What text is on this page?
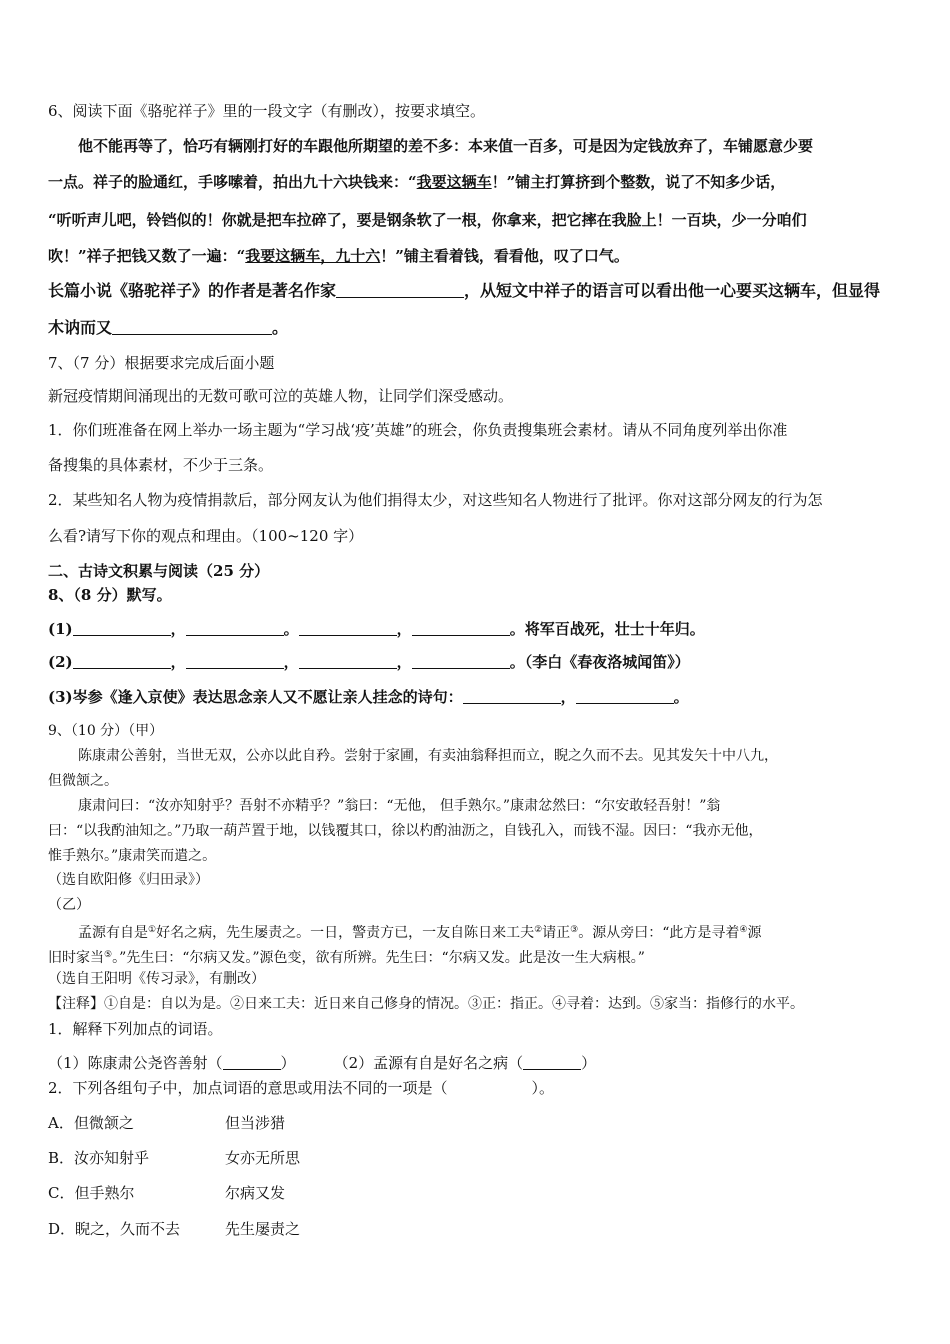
6、阅读下面《骆驼祥子》里的一段文字（有删改），按要求填空。
他不能再等了，恰巧有辆刚打好的车跟他所期望的差不多：本来值一百多，可是因为定钱放弃了，车铺愿意少要
一点。祥子的脸通红，手哆嗦着，拍出九十六块钱来：“我要这辆车！”铺主打算挤到个整数，说了不知多少话，
“听听声儿吧，铃铛似的！你就是把车拉碎了，要是钢条软了一根，你拿来，把它摔在我脸上！一百块，少一分咱们
吹！”祥子把钱又数了一遍：“我要这辆车，九十六！”铺主看着钱，看看他，叹了口气。
长篇小说《骆驼祥子》的作者是著名作家	，从短文中祥子的语言可以看出他一心要买这辆车，但显得
木讷而又	。
7、（7 分）根据要求完成后面小题
新冠疫情期间涌现出的无数可歌可泣的英雄人物，让同学们深受感动。
1．你们班准备在网上举办一场主题为“学习战‘疫’英雄”的班会，你负责搜集班会素材。请从不同角度列举出你准
备搜集的具体素材，不少于三条。
2．某些知名人物为疫情捐款后，部分网友认为他们捐得太少，对这些知名人物进行了批评。你对这部分网友的行为怎
么看?请写下你的观点和理由。（100~120 字）
二、古诗文积累与阅读（25 分）
8、（8 分）默写。
(1)	，	。	，	。将军百战死，壮士十年归。
(2)	，	，	，	。（李白《春夜洛城闻笛》）
(3)岑参《逢入京使》表达思念亲人又不愿让亲人挂念的诗句：	，	。
9、（10 分）（甲）
陈康肃公善射，当世无双，公亦以此自矜。尝射于家圃，有卖油翁释担而立，睨之久而不去。见其发矢十中八九，
但微颔之。
康肃问曰：“汝亦知射乎？吾射不亦精乎？”翁曰：“无他， 但手熟尔。”康肃忿然曰：“尔安敢轻吾射！”翁
曰：“以我酌油知之。”乃取一葫芦置于地，以钱覆其口，徐以杓酌油沥之，自钱孔入，而钱不湿。因曰：“我亦无他，
惟手熟尔。”康肃笑而遣之。
（选自欧阳修《归田录》）
（乙）
孟源有自是①好名之病，先生屡责之。一日，警责方已，一友自陈日来工夫②请正③。源从旁曰：“此方是寻着④源
旧时家当⑤。”先生曰：“尔病又发。”源色变，欲有所辨。先生曰：“尔病又发。此是汝一生大病根。”
（选自王阳明《传习录》，有删改）
【注释】①自是：自以为是。②日来工夫：近日来自己修身的情况。③正：指正。④寻着：达到。⑤家当：指修行的水平。
1．解释下列加点的词语。
（1）陈康肃公尧咨善射（	）	（2）孟源有自是好名之病（	）
2．下列各组句子中，加点词语的意思或用法不同的一项是（	）。
A．但微颔之	但当涉猎
B．汝亦知射乎	女亦无所思
C．但手熟尔	尔病又发
D．睨之，久而不去	先生屡责之
